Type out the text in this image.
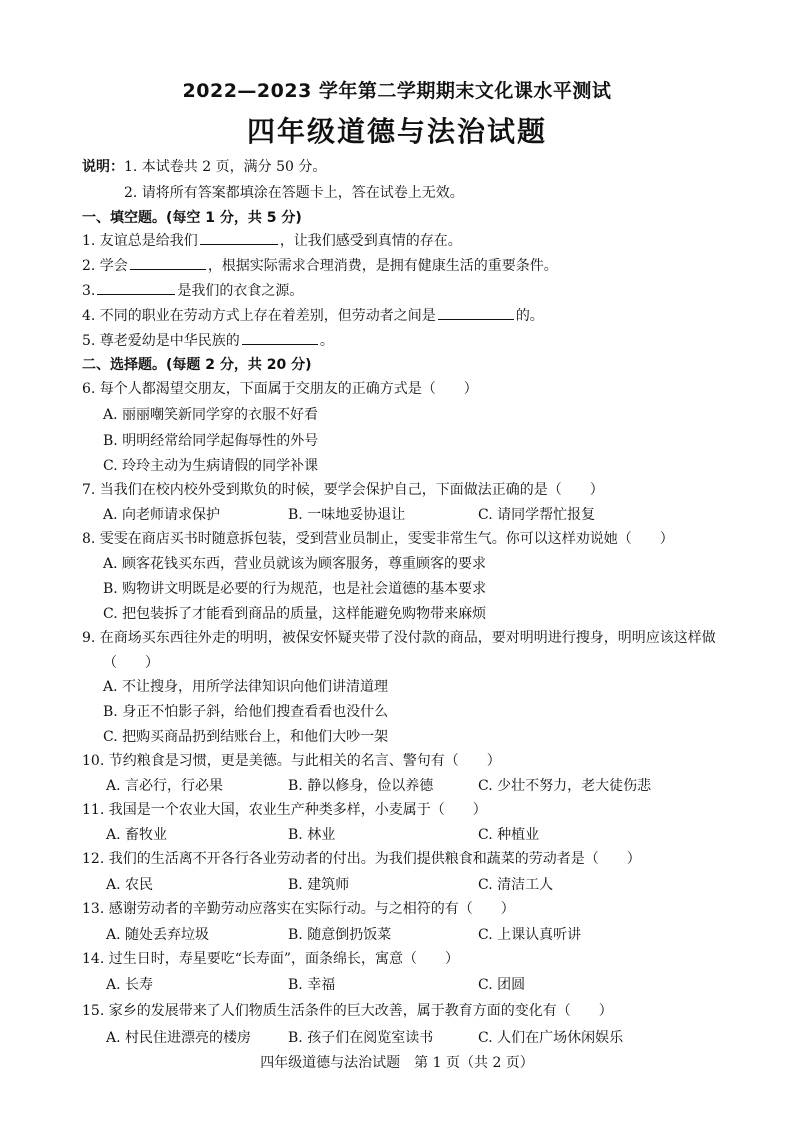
2022—2023 学年第二学期期末文化课水平测试
四年级道德与法治试题
说明：1. 本试卷共 2 页，满分 50 分。
2. 请将所有答案都填涂在答题卡上，答在试卷上无效。
一、填空题。(每空 1 分，共 5 分)
1. 友谊总是给我们	，让我们感受到真情的存在。
2. 学会	，根据实际需求合理消费，是拥有健康生活的重要条件。
3.	是我们的衣食之源。
4. 不同的职业在劳动方式上存在着差别，但劳动者之间是	的。
5. 尊老爱幼是中华民族的	。
二、选择题。(每题 2 分，共 20 分)
6. 每个人都渴望交朋友，下面属于交朋友的正确方式是（　　）
A. 丽丽嘲笑新同学穿的衣服不好看
B. 明明经常给同学起侮辱性的外号
C. 玲玲主动为生病请假的同学补课
7. 当我们在校内校外受到欺负的时候，要学会保护自己，下面做法正确的是（　　）
A. 向老师请求保护	B. 一味地妥协退让	C. 请同学帮忙报复
8. 雯雯在商店买书时随意拆包装，受到营业员制止，雯雯非常生气。你可以这样劝说她（　　）
A. 顾客花钱买东西，营业员就该为顾客服务，尊重顾客的要求
B. 购物讲文明既是必要的行为规范，也是社会道德的基本要求
C. 把包装拆了才能看到商品的质量，这样能避免购物带来麻烦
9. 在商场买东西往外走的明明，被保安怀疑夹带了没付款的商品，要对明明进行搜身，明明应该这样做
（　　）
A. 不让搜身，用所学法律知识向他们讲清道理
B. 身正不怕影子斜，给他们搜查看看也没什么
C. 把购买商品扔到结账台上，和他们大吵一架
10. 节约粮食是习惯，更是美德。与此相关的名言、警句有（　　）
A. 言必行，行必果	B. 静以修身，俭以养德	C. 少壮不努力，老大徒伤悲
11. 我国是一个农业大国，农业生产种类多样，小麦属于（　　）
A. 畜牧业	B. 林业	C. 种植业
12. 我们的生活离不开各行各业劳动者的付出。为我们提供粮食和蔬菜的劳动者是（　　）
A. 农民	B. 建筑师	C. 清洁工人
13. 感谢劳动者的辛勤劳动应落实在实际行动。与之相符的有（　　）
A. 随处丢弃垃圾	B. 随意倒扔饭菜	C. 上课认真听讲
14. 过生日时，寿星要吃“长寿面”，面条绵长，寓意（　　）
A. 长寿	B. 幸福	C. 团圆
15. 家乡的发展带来了人们物质生活条件的巨大改善，属于教育方面的变化有（　　）
A. 村民住进漂亮的楼房	B. 孩子们在阅览室读书	C. 人们在广场休闲娱乐
四年级道德与法治试题　第 1 页（共 2 页）
